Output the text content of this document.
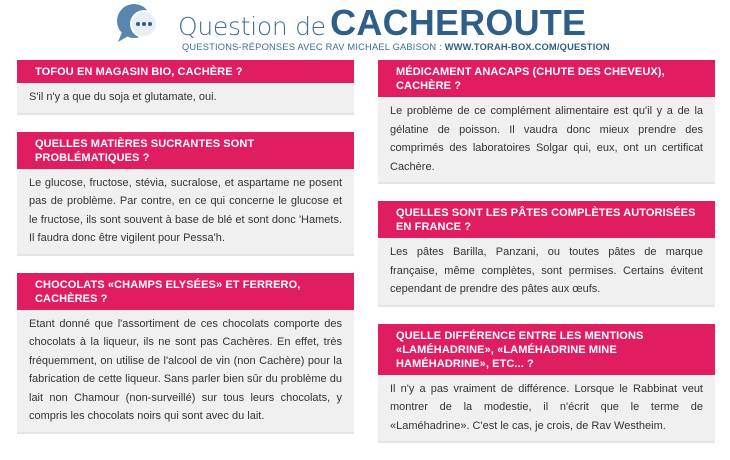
Question de CACHEROUTE
QUESTIONS-RÉPONSES AVEC RAV MICHAEL GABISON : WWW.TORAH-BOX.COM/QUESTION
TOFOU EN MAGASIN BIO, CACHÈRE ?
S'il n'y a que du soja et glutamate, oui.
QUELLES MATIÈRES SUCRANTES SONT PROBLÉMATIQUES ?
Le glucose, fructose, stévia, sucralose, et aspartame ne posent pas de problème. Par contre, en ce qui concerne le glucose et le fructose, ils sont souvent à base de blé et sont donc 'Hamets. Il faudra donc être vigilent pour Pessa'h.
CHOCOLATS «CHAMPS ELYSÉES» ET FERRERO, CACHÈRES ?
Etant donné que l'assortiment de ces chocolats comporte des chocolats à la liqueur, ils ne sont pas Cachères. En effet, très fréquemment, on utilise de l'alcool de vin (non Cachère) pour la fabrication de cette liqueur. Sans parler bien sûr du problème du lait non Chamour (non-surveillé) sur tous leurs chocolats, y compris les chocolats noirs qui sont avec du lait.
MÉDICAMENT ANACAPS (CHUTE DES CHEVEUX), CACHÈRE ?
Le problème de ce complément alimentaire est qu'il y a de la gélatine de poisson. Il vaudra donc mieux prendre des comprimés des laboratoires Solgar qui, eux, ont un certificat Cachère.
QUELLES SONT LES PÂTES COMPLÈTES AUTORISÉES EN FRANCE ?
Les pâtes Barilla, Panzani, ou toutes pâtes de marque française, même complètes, sont permises. Certains évitent cependant de prendre des pâtes aux œufs.
QUELLE DIFFÉRENCE ENTRE LES MENTIONS «LAMÉHADRINE», «LAMÉHADRINE MINE HAMÉHADRINE», ETC... ?
Il n'y a pas vraiment de différence. Lorsque le Rabbinat veut montrer de la modestie, il n'écrit que le terme de «Laméhadrine». C'est le cas, je crois, de Rav Westheim.
